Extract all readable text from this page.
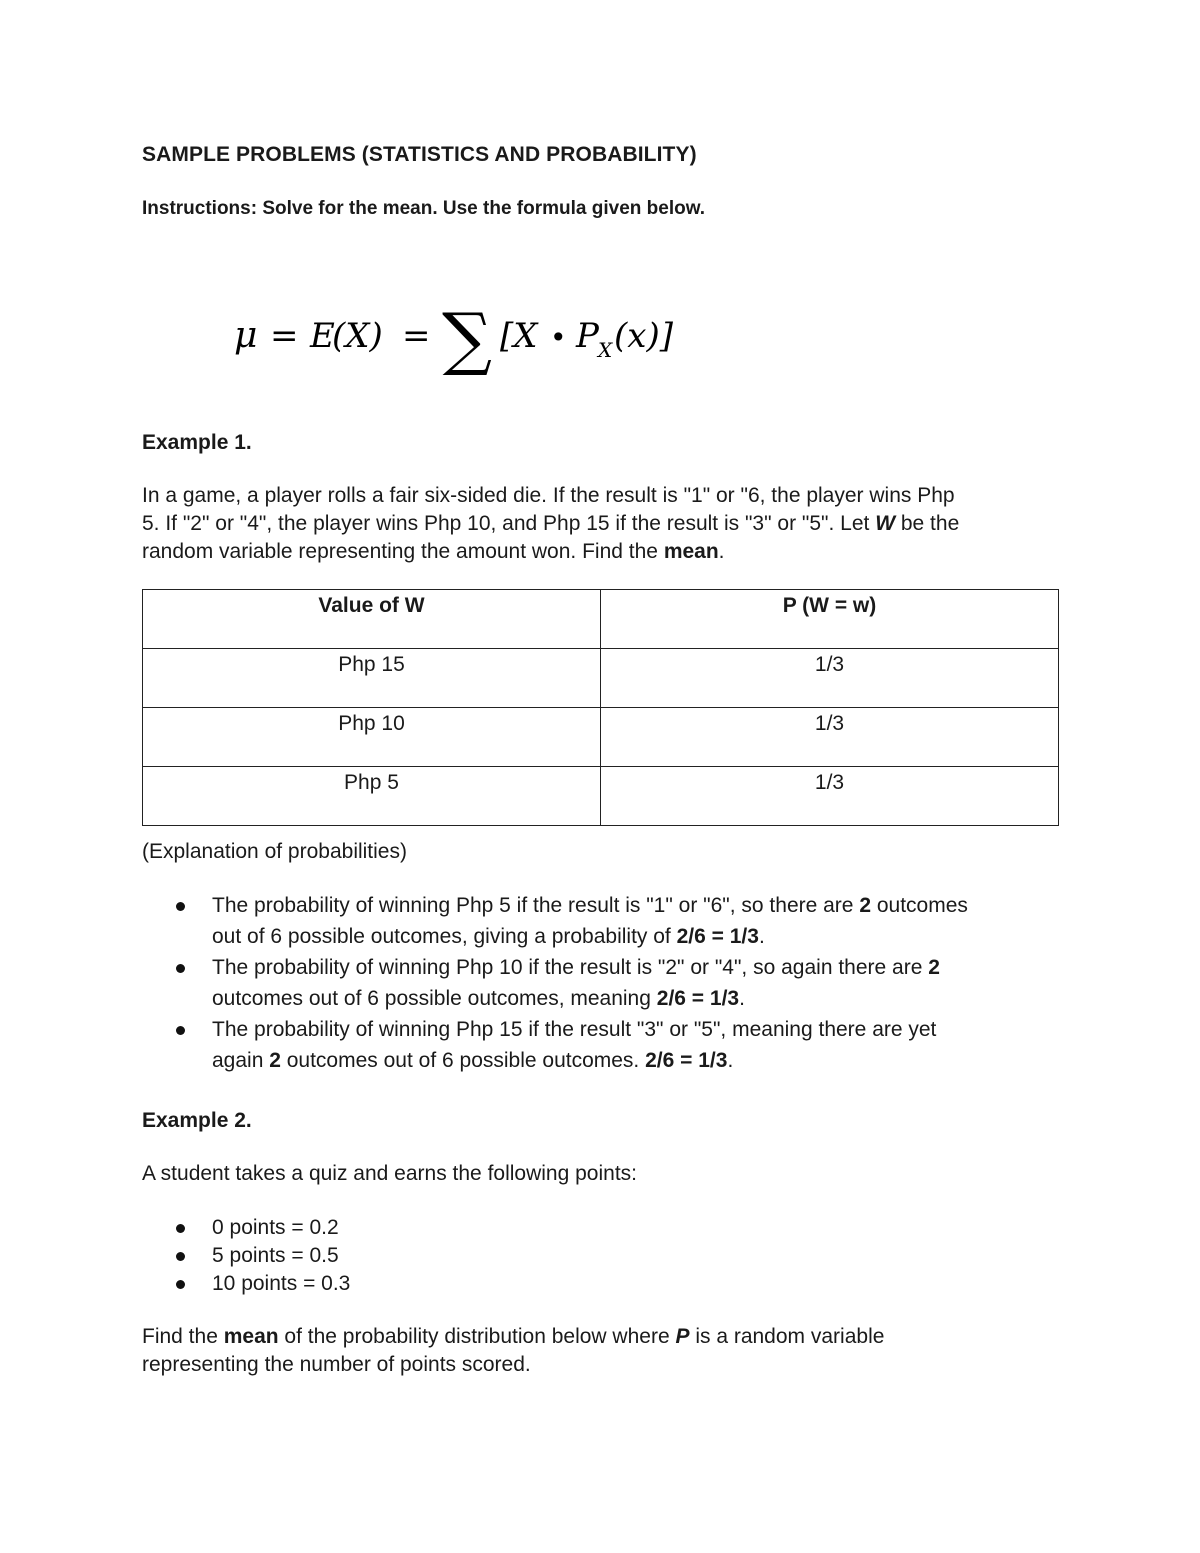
SAMPLE PROBLEMS (STATISTICS AND PROBABILITY)
Instructions: Solve for the mean. Use the formula given below.
μ = E
(X) = ∑ [X • P X (x)]
Example 1.
In a game, a player rolls a fair six-sided die. If the result is "1" or "6, the player wins Php
5. If "2" or "4", the player wins Php 10, and Php 15 if the result is "3" or "5". Let W be the
random variable representing the amount won. Find the mean.
Value of W	P (W = w)
Php 15	1/3
Php 10	1/3
Php 5	1/3
(Explanation of probabilities)
The probability of winning Php 5 if the result is "1" or "6", so there are 2 outcomes
out of 6 possible outcomes, giving a probability of 2/6 = 1/3.
The probability of winning Php 10 if the result is "2" or "4", so again there are 2
outcomes out of 6 possible outcomes, meaning 2/6 = 1/3.
The probability of winning Php 15 if the result "3" or "5", meaning there are yet
again 2 outcomes out of 6 possible outcomes. 2/6 = 1/3.
Example 2.
A student takes a quiz and earns the following points:
0 points = 0.2
5 points = 0.5
10 points = 0.3
Find the mean of the probability distribution below where P is a random variable
representing the number of points scored.
